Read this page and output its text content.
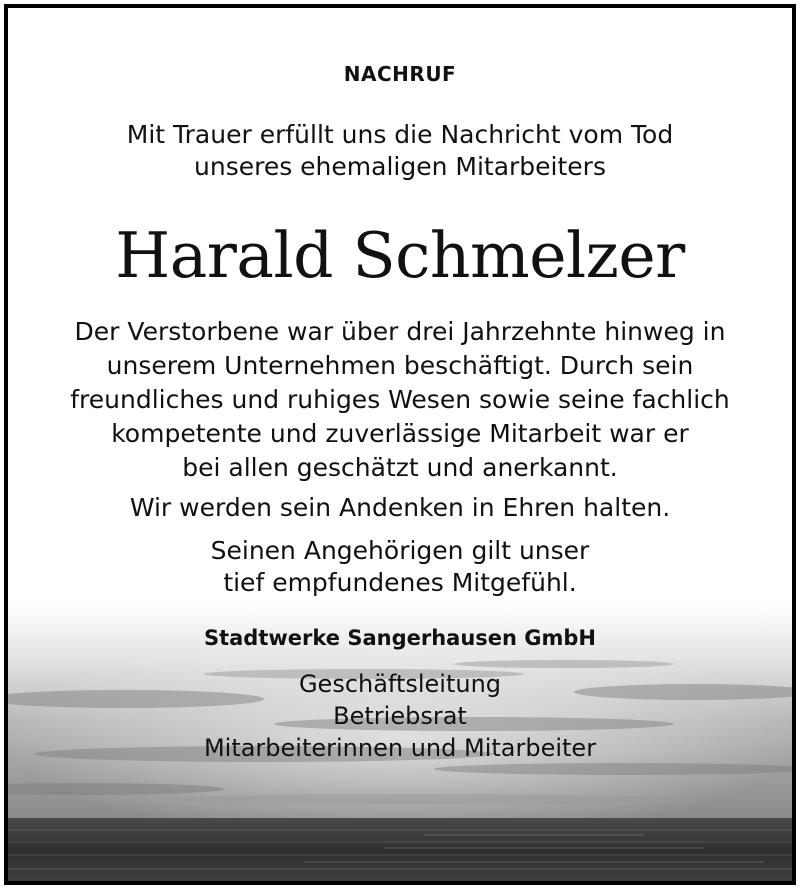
NACHRUF
Mit Trauer erfüllt uns die Nachricht vom Tod
unseres ehemaligen Mitarbeiters
Harald Schmelzer
Der Verstorbene war über drei Jahrzehnte hinweg in
unserem Unternehmen beschäftigt. Durch sein
freundliches und ruhiges Wesen sowie seine fachlich
kompetente und zuverlässige Mitarbeit war er
bei allen geschätzt und anerkannt.
Wir werden sein Andenken in Ehren halten.
Seinen Angehörigen gilt unser
tief empfundenes Mitgefühl.
Stadtwerke Sangerhausen GmbH
Geschäftsleitung
Betriebsrat
Mitarbeiterinnen und Mitarbeiter
